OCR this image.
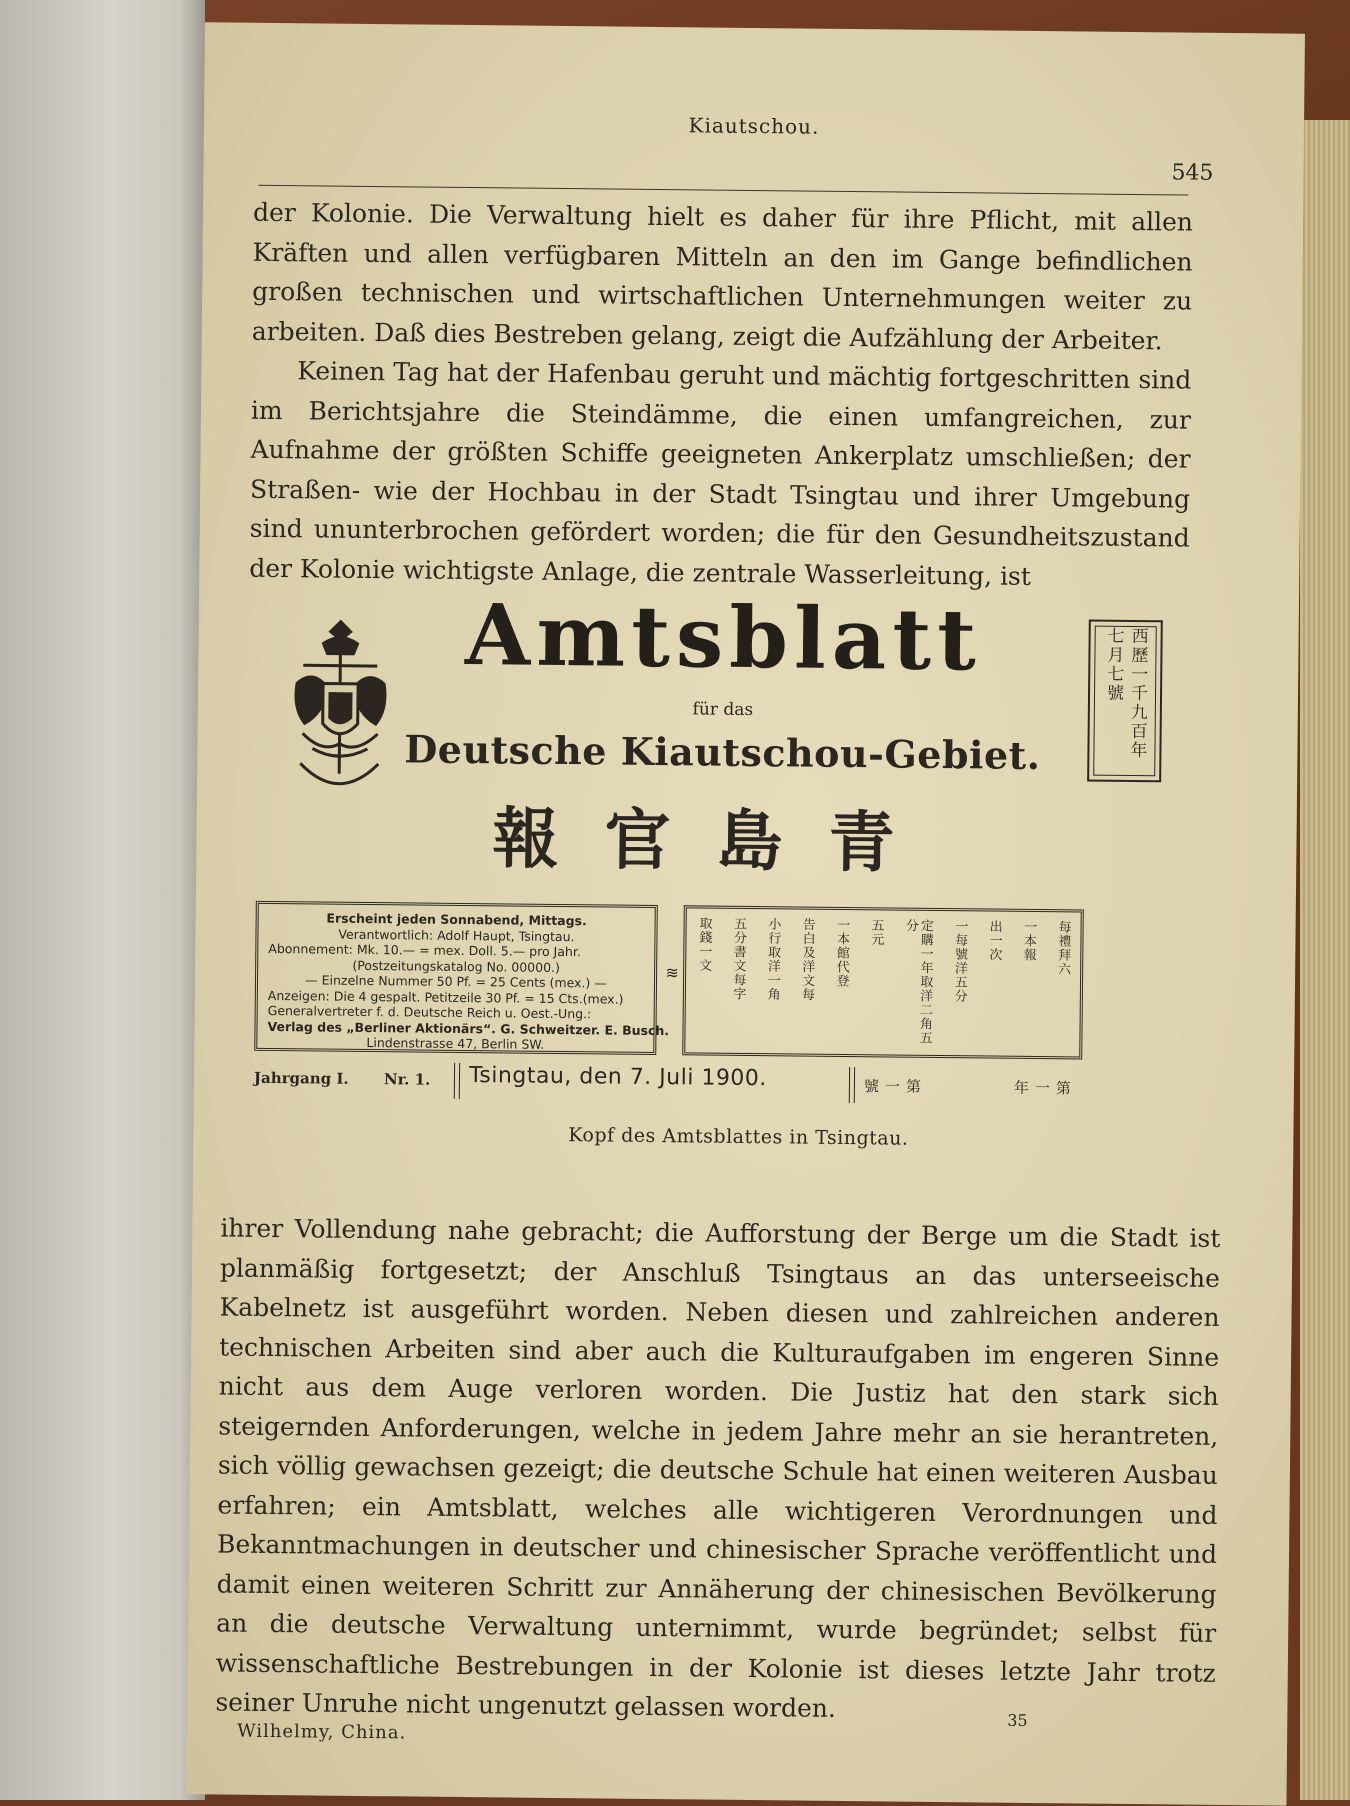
Kiautschou.
545

der Kolonie. Die Verwaltung hielt es daher für ihre Pflicht, mit allen Kräften und allen verfügbaren Mitteln an den im Gange befindlichen großen technischen und wirtschaftlichen Unternehmungen weiter zu arbeiten. Daß dies Bestreben gelang, zeigt die Aufzählung der Arbeiter.

Keinen Tag hat der Hafenbau geruht und mächtig fortgeschritten sind im Berichtsjahre die Steindämme, die einen umfangreichen, zur Aufnahme der größten Schiffe geeigneten Ankerplatz umschließen; der Straßen- wie der Hochbau in der Stadt Tsingtau und ihrer Umgebung sind ununterbrochen gefördert worden; die für den Gesundheitszustand der Kolonie wichtigste Anlage, die zentrale Wasserleitung, ist

Amtsblatt
für das
Deutsche Kiautschou-Gebiet.	西歷一千九百年
七月七號
青島官報
Erscheint jeden Sonnabend, Mittags.
Verantwortlich: Adolf Haupt, Tsingtau.
Abonnement: Mk. 10.— = mex. Doll. 5.— pro Jahr.
(Postzeitungskatalog No. 00000.)
— Einzelne Nummer 50 Pf. = 25 Cents (mex.) —
Anzeigen: Die 4 gespalt. Petitzeile 30 Pf. = 15 Cts.(mex.)
Generalvertreter f. d. Deutsche Reich u. Oest.-Ung.:
Verlag des „Berliner Aktionärs“. G. Schweitzer. E. Busch.
Lindenstrasse 47, Berlin SW.
≋	每禮拜六
一本報
出一次
一每號洋五分
定購一年取洋二角五分
五元
一本館代登
告白及洋文每
小行取洋一角
五分書文每字
取錢一文
Jahrgang I. Nr. 1. Tsingtau, den 7. Juli 1900.	號一第	年一第
Kopf des Amtsblattes in Tsingtau.

ihrer Vollendung nahe gebracht; die Aufforstung der Berge um die Stadt ist planmäßig fortgesetzt; der Anschluß Tsingtaus an das unterseeische Kabelnetz ist ausgeführt worden. Neben diesen und zahlreichen anderen technischen Arbeiten sind aber auch die Kulturaufgaben im engeren Sinne nicht aus dem Auge verloren worden. Die Justiz hat den stark sich steigernden Anforderungen, welche in jedem Jahre mehr an sie herantreten, sich völlig gewachsen gezeigt; die deutsche Schule hat einen weiteren Ausbau erfahren; ein Amtsblatt, welches alle wichtigeren Verordnungen und Bekanntmachungen in deutscher und chinesischer Sprache veröffentlicht und damit einen weiteren Schritt zur Annäherung der chinesischen Bevölkerung an die deutsche Verwaltung unternimmt, wurde begründet; selbst für wissenschaftliche Bestrebungen in der Kolonie ist dieses letzte Jahr trotz seiner Unruhe nicht ungenutzt gelassen worden.

Wilhelmy, China.
35
